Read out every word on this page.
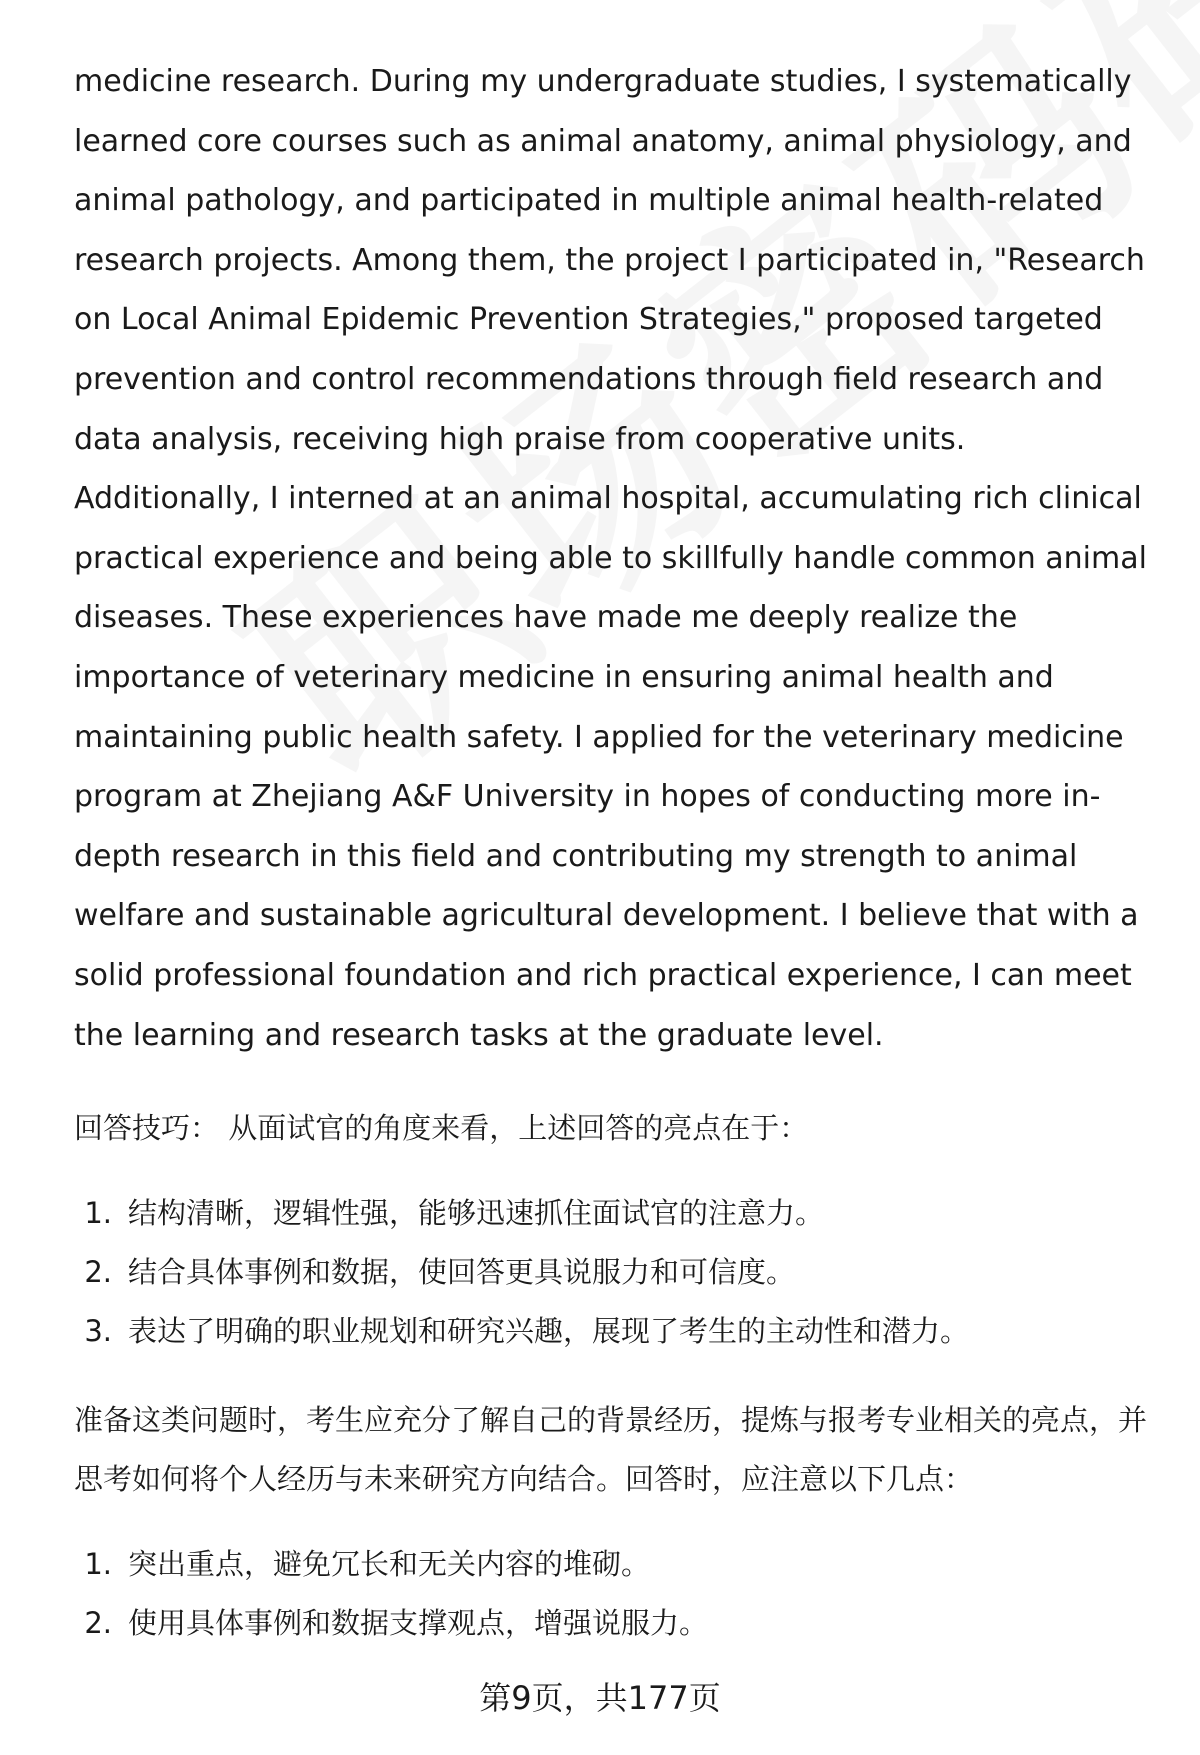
medicine research. During my undergraduate studies, I systematically learned core courses such as animal anatomy, animal physiology, and animal pathology, and participated in multiple animal health-related research projects. Among them, the project I participated in, "Research on Local Animal Epidemic Prevention Strategies," proposed targeted prevention and control recommendations through field research and data analysis, receiving high praise from cooperative units. Additionally, I interned at an animal hospital, accumulating rich clinical practical experience and being able to skillfully handle common animal diseases. These experiences have made me deeply realize the importance of veterinary medicine in ensuring animal health and maintaining public health safety. I applied for the veterinary medicine program at Zhejiang A&F University in hopes of conducting more in-depth research in this field and contributing my strength to animal welfare and sustainable agricultural development. I believe that with a solid professional foundation and rich practical experience, I can meet the learning and research tasks at the graduate level.

回答技巧： 从面试官的角度来看，上述回答的亮点在于：

1. 结构清晰，逻辑性强，能够迅速抓住面试官的注意力。
2. 结合具体事例和数据，使回答更具说服力和可信度。
3. 表达了明确的职业规划和研究兴趣，展现了考生的主动性和潜力。

准备这类问题时，考生应充分了解自己的背景经历，提炼与报考专业相关的亮点，并思考如何将个人经历与未来研究方向结合。回答时，应注意以下几点：

1. 突出重点，避免冗长和无关内容的堆砌。
2. 使用具体事例和数据支撑观点，增强说服力。
第9页，共177页
